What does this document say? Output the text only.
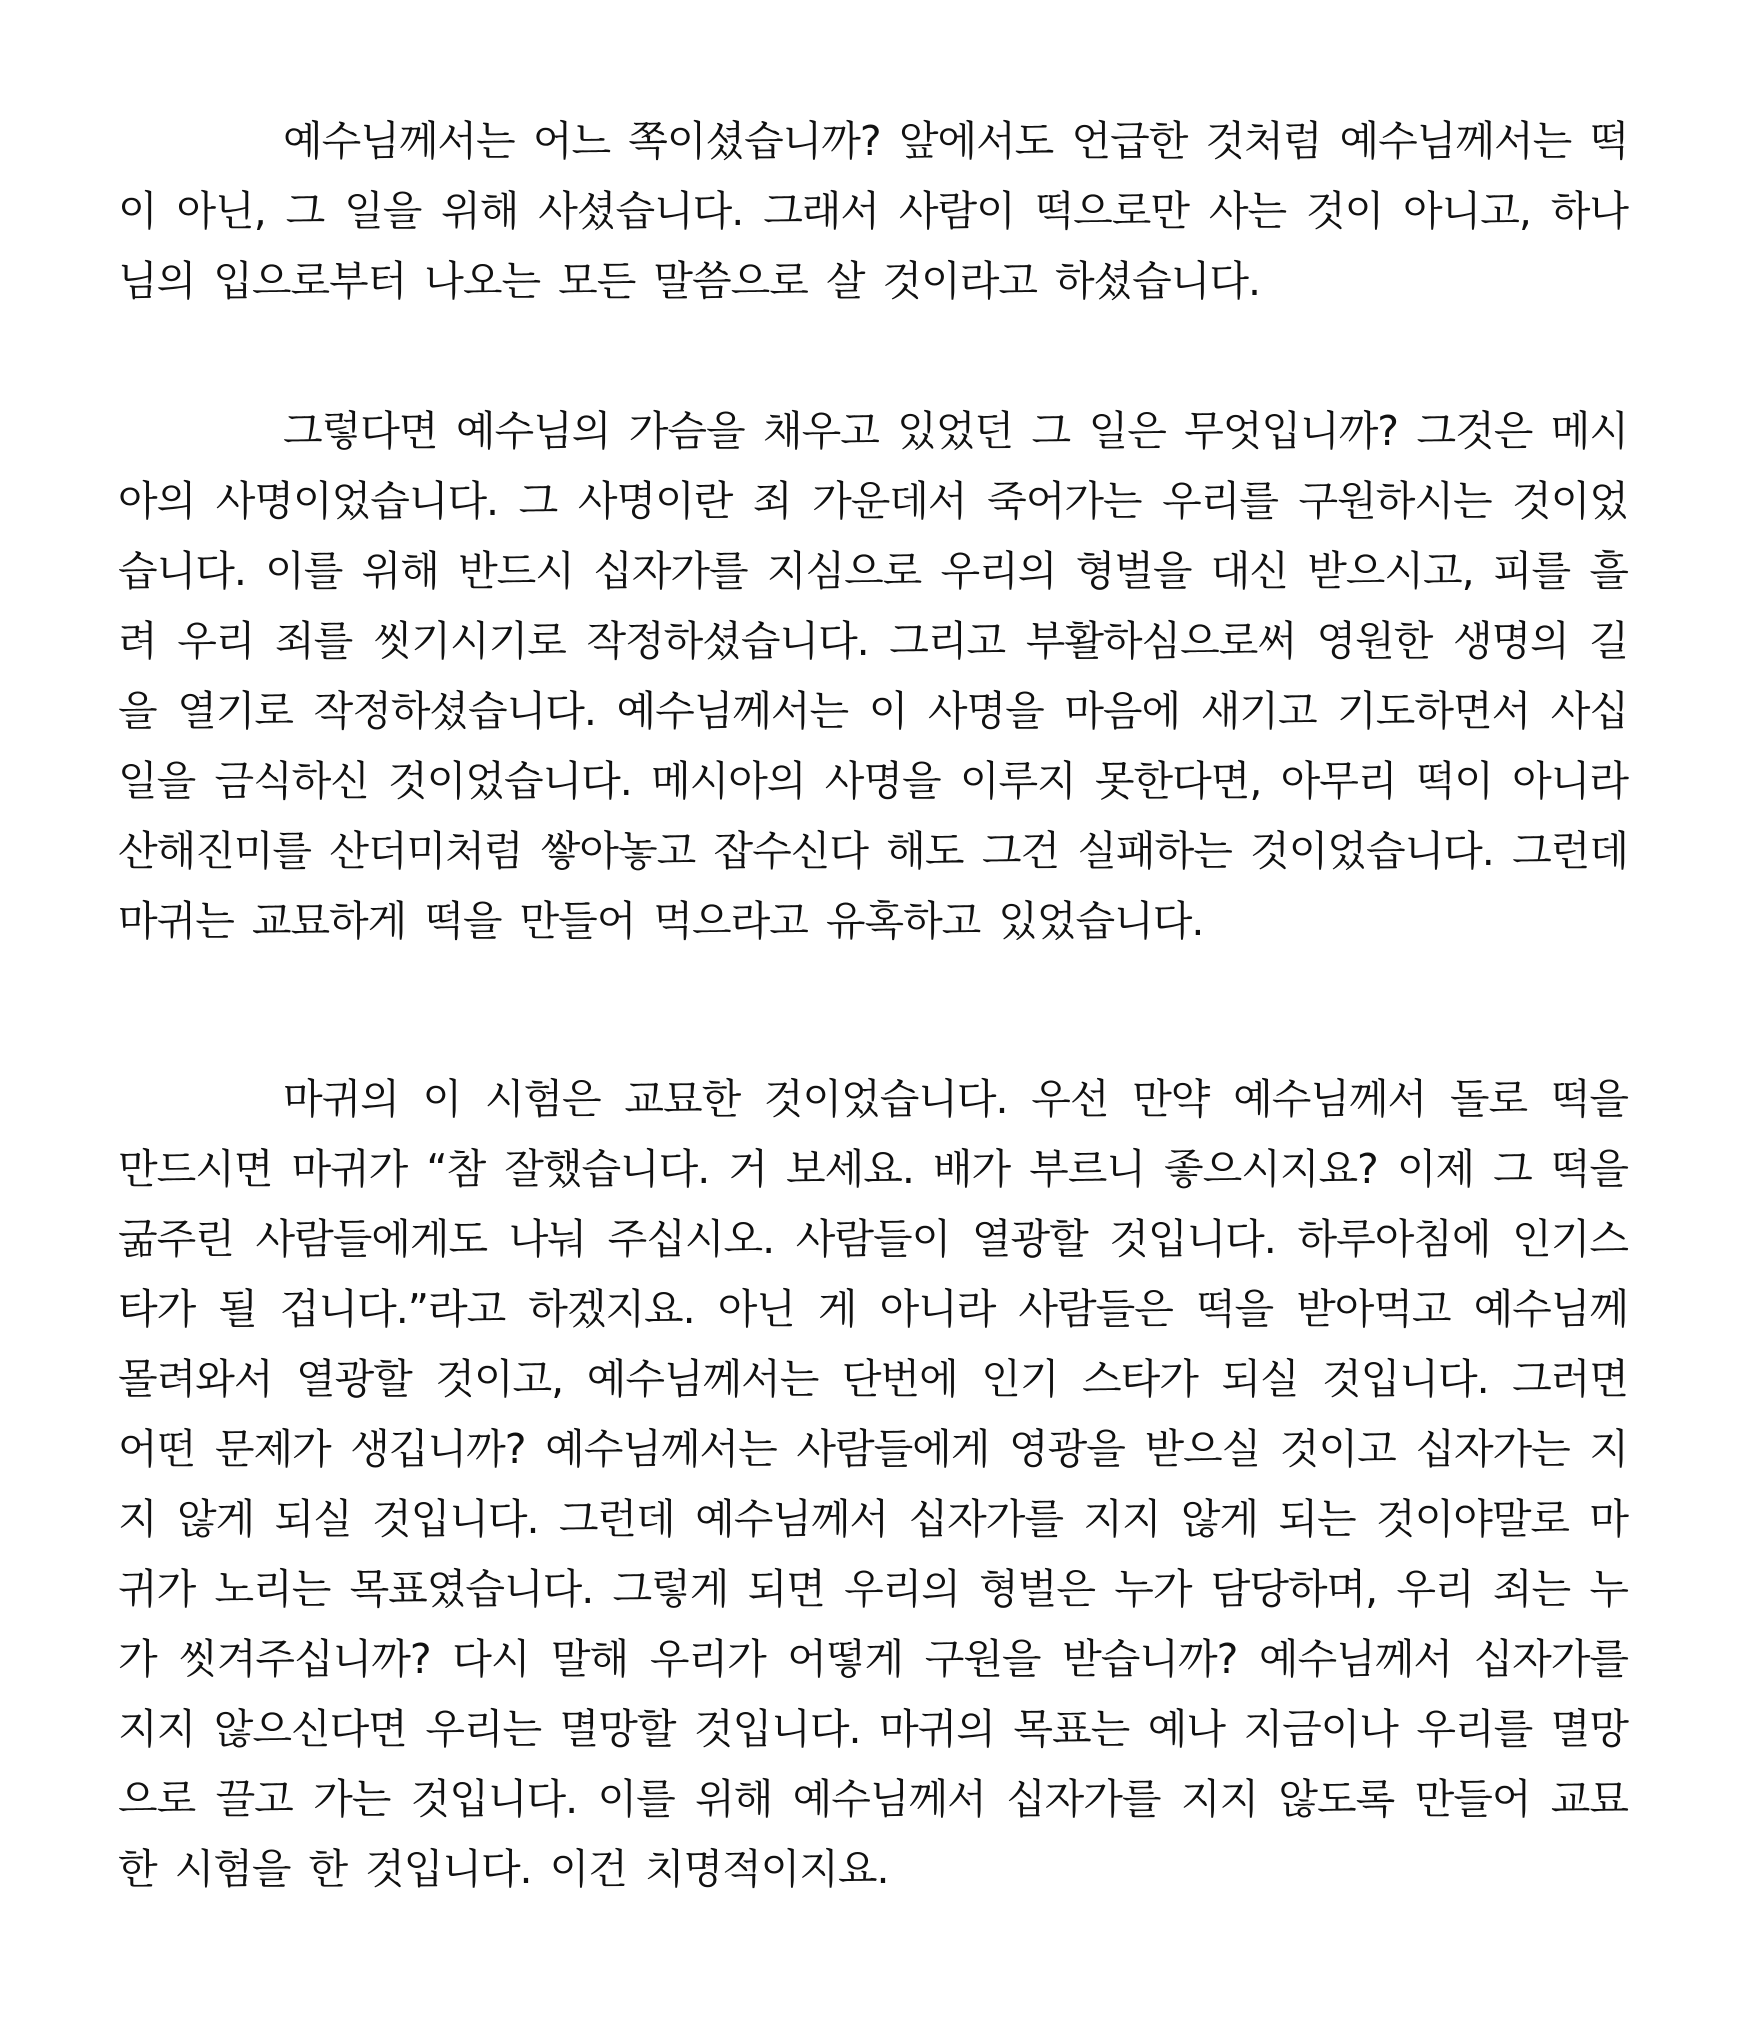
예수님께서는 어느 쪽이셨습니까? 앞에서도 언급한 것처럼 예수님께서는 떡이 아닌, 그 일을 위해 사셨습니다. 그래서 사람이 떡으로만 사는 것이 아니고, 하나님의 입으로부터 나오는 모든 말씀으로 살 것이라고 하셨습니다.

그렇다면 예수님의 가슴을 채우고 있었던 그 일은 무엇입니까? 그것은 메시아의 사명이었습니다. 그 사명이란 죄 가운데서 죽어가는 우리를 구원하시는 것이었습니다. 이를 위해 반드시 십자가를 지심으로 우리의 형벌을 대신 받으시고, 피를 흘려 우리 죄를 씻기시기로 작정하셨습니다. 그리고 부활하심으로써 영원한 생명의 길을 열기로 작정하셨습니다. 예수님께서는 이 사명을 마음에 새기고 기도하면서 사십 일을 금식하신 것이었습니다. 메시아의 사명을 이루지 못한다면, 아무리 떡이 아니라 산해진미를 산더미처럼 쌓아놓고 잡수신다 해도 그건 실패하는 것이었습니다. 그런데 마귀는 교묘하게 떡을 만들어 먹으라고 유혹하고 있었습니다.

마귀의 이 시험은 교묘한 것이었습니다. 우선 만약 예수님께서 돌로 떡을 만드시면 마귀가 “참 잘했습니다. 거 보세요. 배가 부르니 좋으시지요? 이제 그 떡을 굶주린 사람들에게도 나눠 주십시오. 사람들이 열광할 것입니다. 하루아침에 인기스타가 될 겁니다.”라고 하겠지요. 아닌 게 아니라 사람들은 떡을 받아먹고 예수님께 몰려와서 열광할 것이고, 예수님께서는 단번에 인기 스타가 되실 것입니다. 그러면 어떤 문제가 생깁니까? 예수님께서는 사람들에게 영광을 받으실 것이고 십자가는 지지 않게 되실 것입니다. 그런데 예수님께서 십자가를 지지 않게 되는 것이야말로 마귀가 노리는 목표였습니다. 그렇게 되면 우리의 형벌은 누가 담당하며, 우리 죄는 누가 씻겨주십니까? 다시 말해 우리가 어떻게 구원을 받습니까? 예수님께서 십자가를 지지 않으신다면 우리는 멸망할 것입니다. 마귀의 목표는 예나 지금이나 우리를 멸망으로 끌고 가는 것입니다. 이를 위해 예수님께서 십자가를 지지 않도록 만들어 교묘한 시험을 한 것입니다. 이건 치명적이지요.
